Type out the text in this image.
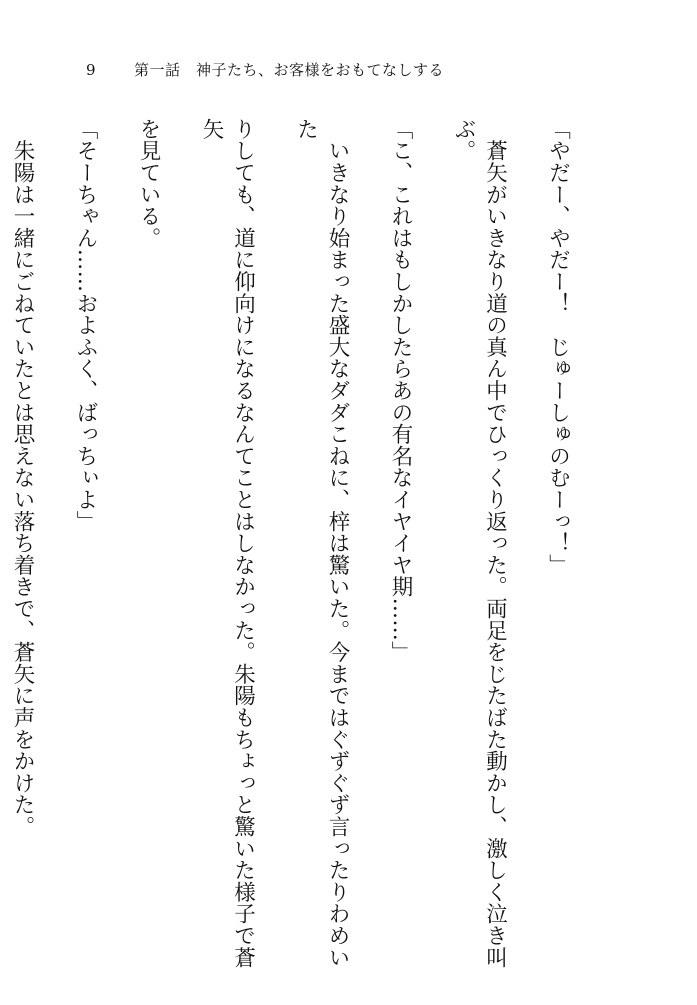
9	第一話　神子たち、お客様をおもてなしする

「やだー、やだー！　じゅーしゅのむーっ！」

　蒼矢がいきなり道の真ん中でひっくり返った。両足をじたばた動かし、激しく泣き叫ぶ。

「こ、これはもしかしたらあの有名なイヤイヤ期……」

　いきなり始まった盛大なダダこねに、梓は驚いた。今まではぐずぐず言ったりわめいた

りしても、道に仰向けになるなんてことはしなかった。朱陽もちょっと驚いた様子で蒼矢

を見ている。

「そーちゃん……およふく、ばっちぃよ」

　朱陽は一緒にごねていたとは思えない落ち着きで、蒼矢に声をかけた。
